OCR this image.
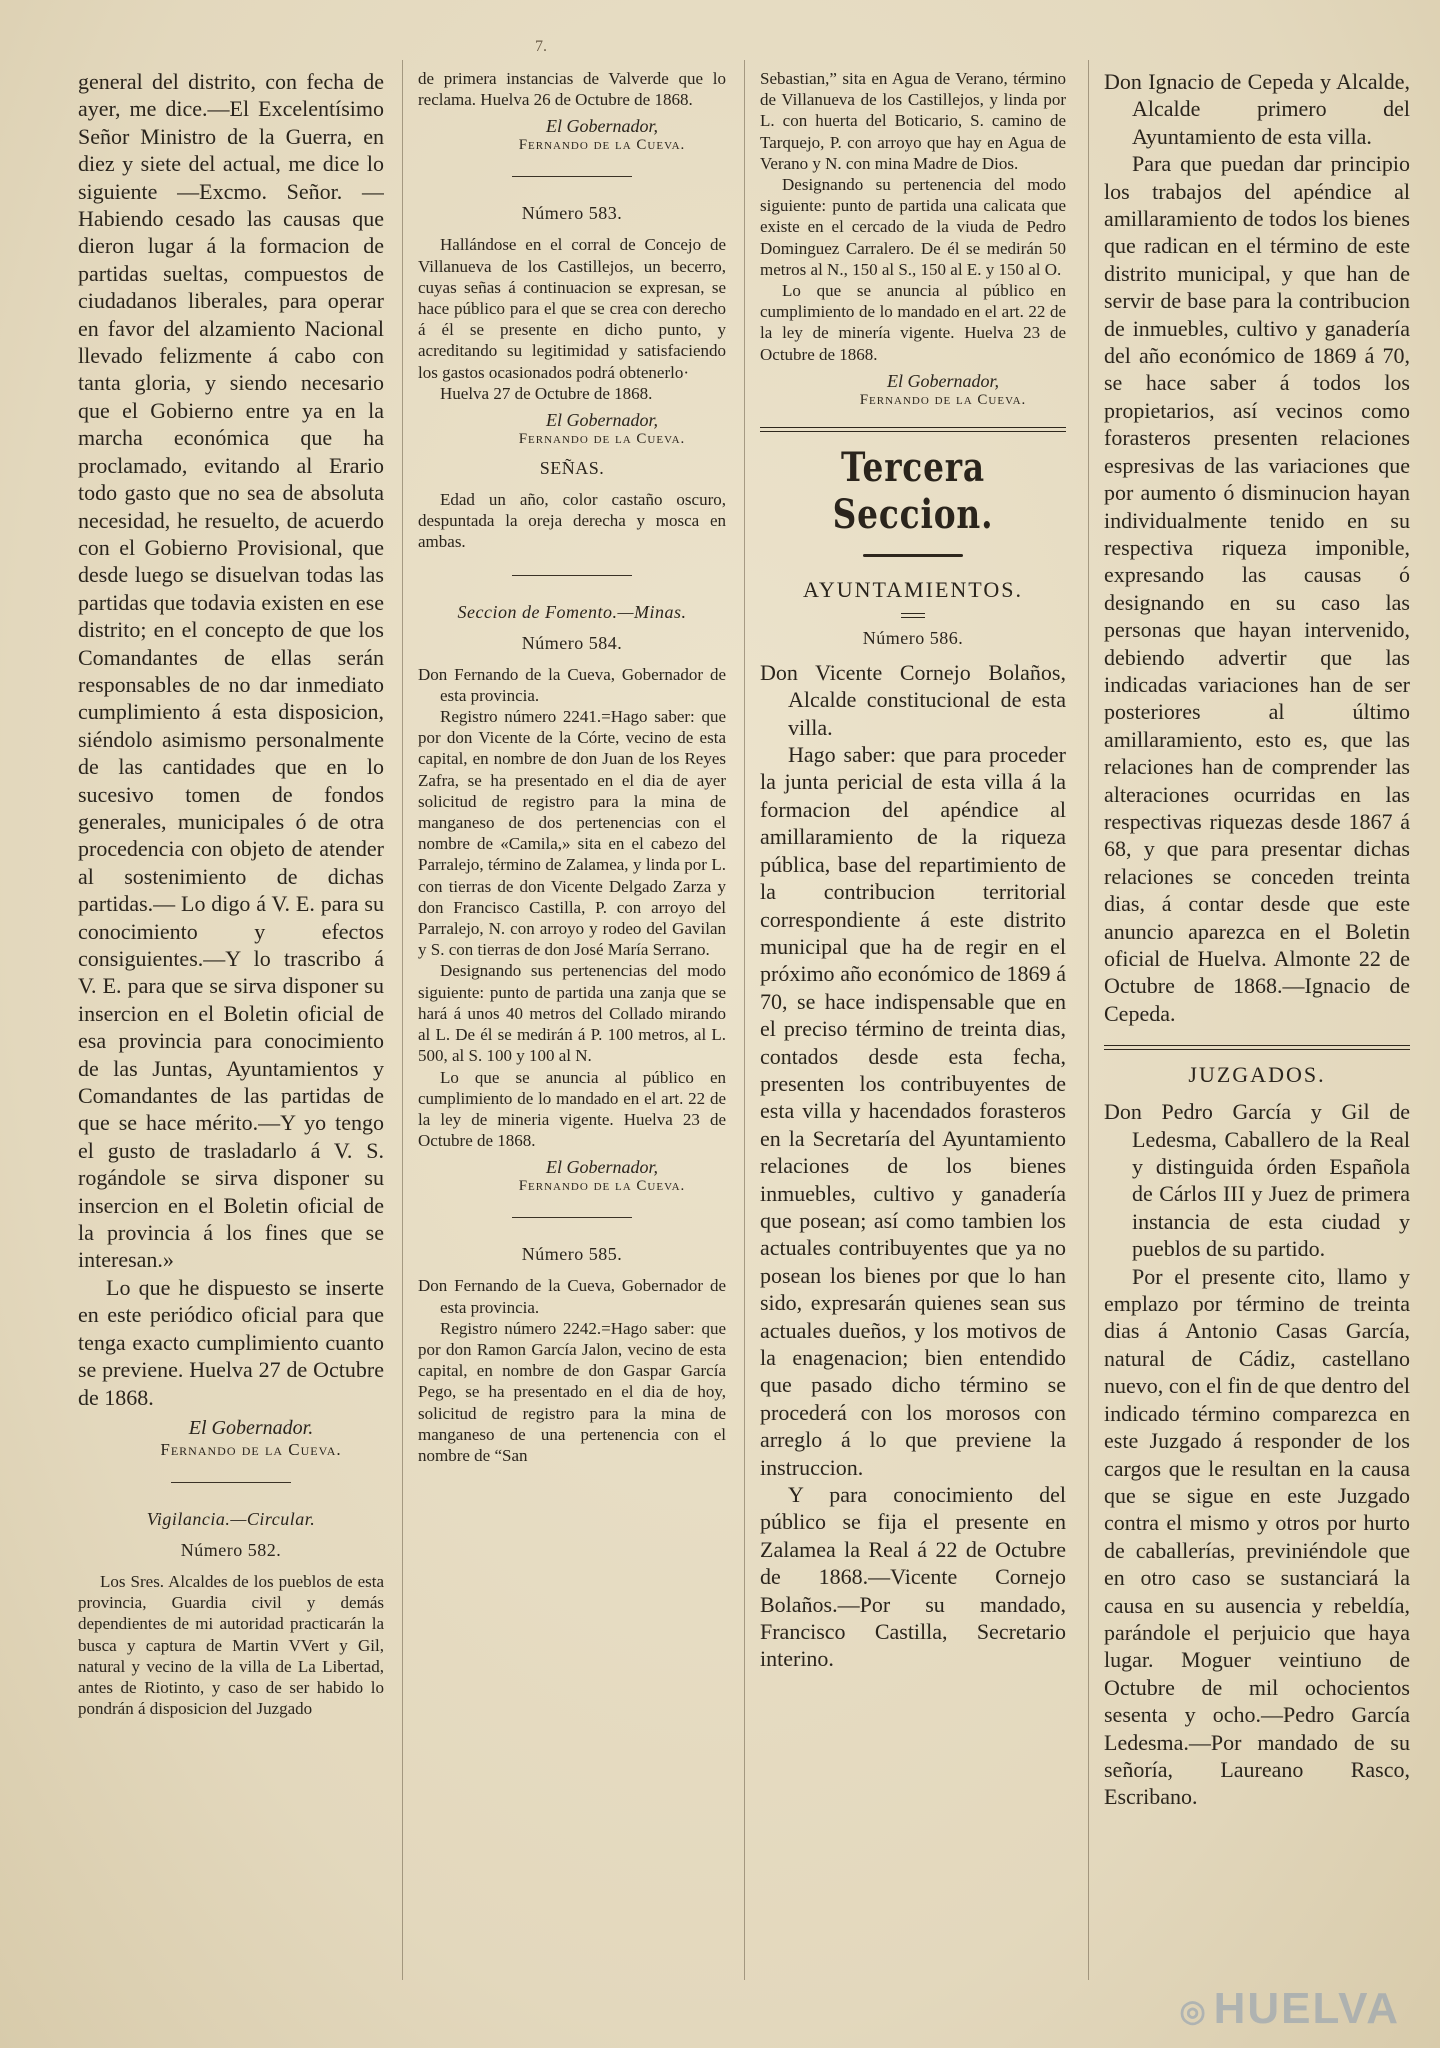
7.

general del distrito, con fecha de ayer, me dice.—El Excelentísimo Señor Ministro de la Guerra, en diez y siete del actual, me dice lo siguiente —Excmo. Señor. —Habiendo cesado las causas que dieron lugar á la formacion de partidas sueltas, compuestos de ciudadanos liberales, para operar en favor del alzamiento Nacional llevado felizmente á cabo con tanta gloria, y siendo necesario que el Gobierno entre ya en la marcha económica que ha proclamado, evitando al Erario todo gasto que no sea de absoluta necesidad, he resuelto, de acuerdo con el Gobierno Provisional, que desde luego se disuelvan todas las partidas que todavia existen en ese distrito; en el concepto de que los Comandantes de ellas serán responsables de no dar inmediato cumplimiento á esta disposicion, siéndolo asimismo personalmente de las cantidades que en lo sucesivo tomen de fondos generales, municipales ó de otra procedencia con objeto de atender al sostenimiento de dichas partidas.— Lo digo á V. E. para su conocimiento y efectos consiguientes.—Y lo trascribo á V. E. para que se sirva disponer su insercion en el Boletin oficial de esa provincia para conocimiento de las Juntas, Ayuntamientos y Comandantes de las partidas de que se hace mérito.—Y yo tengo el gusto de trasladarlo á V. S. rogándole se sirva disponer su insercion en el Boletin oficial de la provincia á los fines que se interesan.»

Lo que he dispuesto se inserte en este periódico oficial para que tenga exacto cumplimiento cuanto se previene. Huelva 27 de Octubre de 1868.

El Gobernador.
Fernando de la Cueva.
Vigilancia.—Circular.
Número 582.

Los Sres. Alcaldes de los pueblos de esta provincia, Guardia civil y demás dependientes de mi autoridad practicarán la busca y captura de Martin VVert y Gil, natural y vecino de la villa de La Libertad, antes de Riotinto, y caso de ser habido lo pondrán á disposicion del Juzgado

de primera instancias de Valverde que lo reclama. Huelva 26 de Octubre de 1868.

El Gobernador,
Fernando de la Cueva.
Número 583.

Hallándose en el corral de Concejo de Villanueva de los Castillejos, un becerro, cuyas señas á continuacion se expresan, se hace público para el que se crea con derecho á él se presente en dicho punto, y acreditando su legitimidad y satisfaciendo los gastos ocasionados podrá obtenerlo·

Huelva 27 de Octubre de 1868.

El Gobernador,
Fernando de la Cueva.
SEÑAS.

Edad un año, color castaño oscuro, despuntada la oreja derecha y mosca en ambas.

Seccion de Fomento.—Minas.
Número 584.

Don Fernando de la Cueva, Gobernador de esta provincia.

Registro número 2241.=Hago saber: que por don Vicente de la Córte, vecino de esta capital, en nombre de don Juan de los Reyes Zafra, se ha presentado en el dia de ayer solicitud de registro para la mina de manganeso de dos pertenencias con el nombre de «Camila,» sita en el cabezo del Parralejo, término de Zalamea, y linda por L. con tierras de don Vicente Delgado Zarza y don Francisco Castilla, P. con arroyo del Parralejo, N. con arroyo y rodeo del Gavilan y S. con tierras de don José María Serrano.

Designando sus pertenencias del modo siguiente: punto de partida una zanja que se hará á unos 40 metros del Collado mirando al L. De él se medirán á P. 100 metros, al L. 500, al S. 100 y 100 al N.

Lo que se anuncia al público en cumplimiento de lo mandado en el art. 22 de la ley de mineria vigente. Huelva 23 de Octubre de 1868.

El Gobernador,
Fernando de la Cueva.
Número 585.

Don Fernando de la Cueva, Gobernador de esta provincia.

Registro número 2242.=Hago saber: que por don Ramon García Jalon, vecino de esta capital, en nombre de don Gaspar García Pego, se ha presentado en el dia de hoy, solicitud de registro para la mina de manganeso de una pertenencia con el nombre de “San

Sebastian,” sita en Agua de Verano, término de Villanueva de los Castillejos, y linda por L. con huerta del Boticario, S. camino de Tarquejo, P. con arroyo que hay en Agua de Verano y N. con mina Madre de Dios.

Designando su pertenencia del modo siguiente: punto de partida una calicata que existe en el cercado de la viuda de Pedro Dominguez Carralero. De él se medirán 50 metros al N., 150 al S., 150 al E. y 150 al O.

Lo que se anuncia al público en cumplimiento de lo mandado en el art. 22 de la ley de minería vigente. Huelva 23 de Octubre de 1868.

El Gobernador,
Fernando de la Cueva.
Tercera Seccion.
AYUNTAMIENTOS.
Número 586.

Don Vicente Cornejo Bolaños, Alcalde constitucional de esta villa.

Hago saber: que para proceder la junta pericial de esta villa á la formacion del apéndice al amillaramiento de la riqueza pública, base del repartimiento de la contribucion territorial correspondiente á este distrito municipal que ha de regir en el próximo año económico de 1869 á 70, se hace indispensable que en el preciso término de treinta dias, contados desde esta fecha, presenten los contribuyentes de esta villa y hacendados forasteros en la Secretaría del Ayuntamiento relaciones de los bienes inmuebles, cultivo y ganadería que posean; así como tambien los actuales contribuyentes que ya no posean los bienes por que lo han sido, expresarán quienes sean sus actuales dueños, y los motivos de la enagenacion; bien entendido que pasado dicho término se procederá con los morosos con arreglo á lo que previene la instruccion.

Y para conocimiento del público se fija el presente en Zalamea la Real á 22 de Octubre de 1868.—Vicente Cornejo Bolaños.—Por su mandado, Francisco Castilla, Secretario interino.

Don Ignacio de Cepeda y Alcalde, Alcalde primero del Ayuntamiento de esta villa.

Para que puedan dar principio los trabajos del apéndice al amillaramiento de todos los bienes que radican en el término de este distrito municipal, y que han de servir de base para la contribucion de inmuebles, cultivo y ganadería del año económico de 1869 á 70, se hace saber á todos los propietarios, así vecinos como forasteros presenten relaciones espresivas de las variaciones que por aumento ó disminucion hayan individualmente tenido en su respectiva riqueza imponible, expresando las causas ó designando en su caso las personas que hayan intervenido, debiendo advertir que las indicadas variaciones han de ser posteriores al último amillaramiento, esto es, que las relaciones han de comprender las alteraciones ocurridas en las respectivas riquezas desde 1867 á 68, y que para presentar dichas relaciones se conceden treinta dias, á contar desde que este anuncio aparezca en el Boletin oficial de Huelva. Almonte 22 de Octubre de 1868.—Ignacio de Cepeda.

JUZGADOS.

Don Pedro García y Gil de Ledesma, Caballero de la Real y distinguida órden Española de Cárlos III y Juez de primera instancia de esta ciudad y pueblos de su partido.

Por el presente cito, llamo y emplazo por término de treinta dias á Antonio Casas García, natural de Cádiz, castellano nuevo, con el fin de que dentro del indicado término comparezca en este Juzgado á responder de los cargos que le resultan en la causa que se sigue en este Juzgado contra el mismo y otros por hurto de caballerías, previniéndole que en otro caso se sustanciará la causa en su ausencia y rebeldía, parándole el perjuicio que haya lugar. Moguer veintiuno de Octubre de mil ochocientos sesenta y ocho.—Pedro García Ledesma.—Por mandado de su señoría, Laureano Rasco, Escribano.

◎ HUELVA
